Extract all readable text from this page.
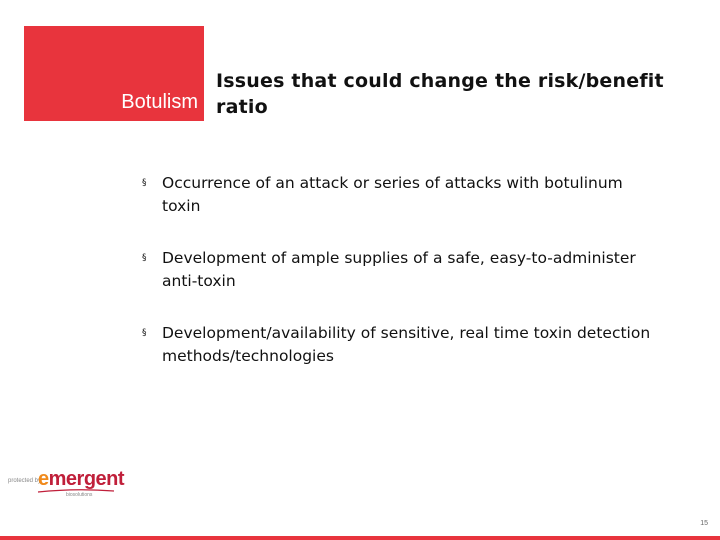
Botulism
Issues that could change the risk/benefit ratio
§ Occurrence of an attack or series of attacks with botulinum toxin
§ Development of ample supplies of a safe, easy-to-administer anti-toxin
§ Development/availability of sensitive, real time toxin detection methods/technologies
protected by
emergent
biosolutions
15
